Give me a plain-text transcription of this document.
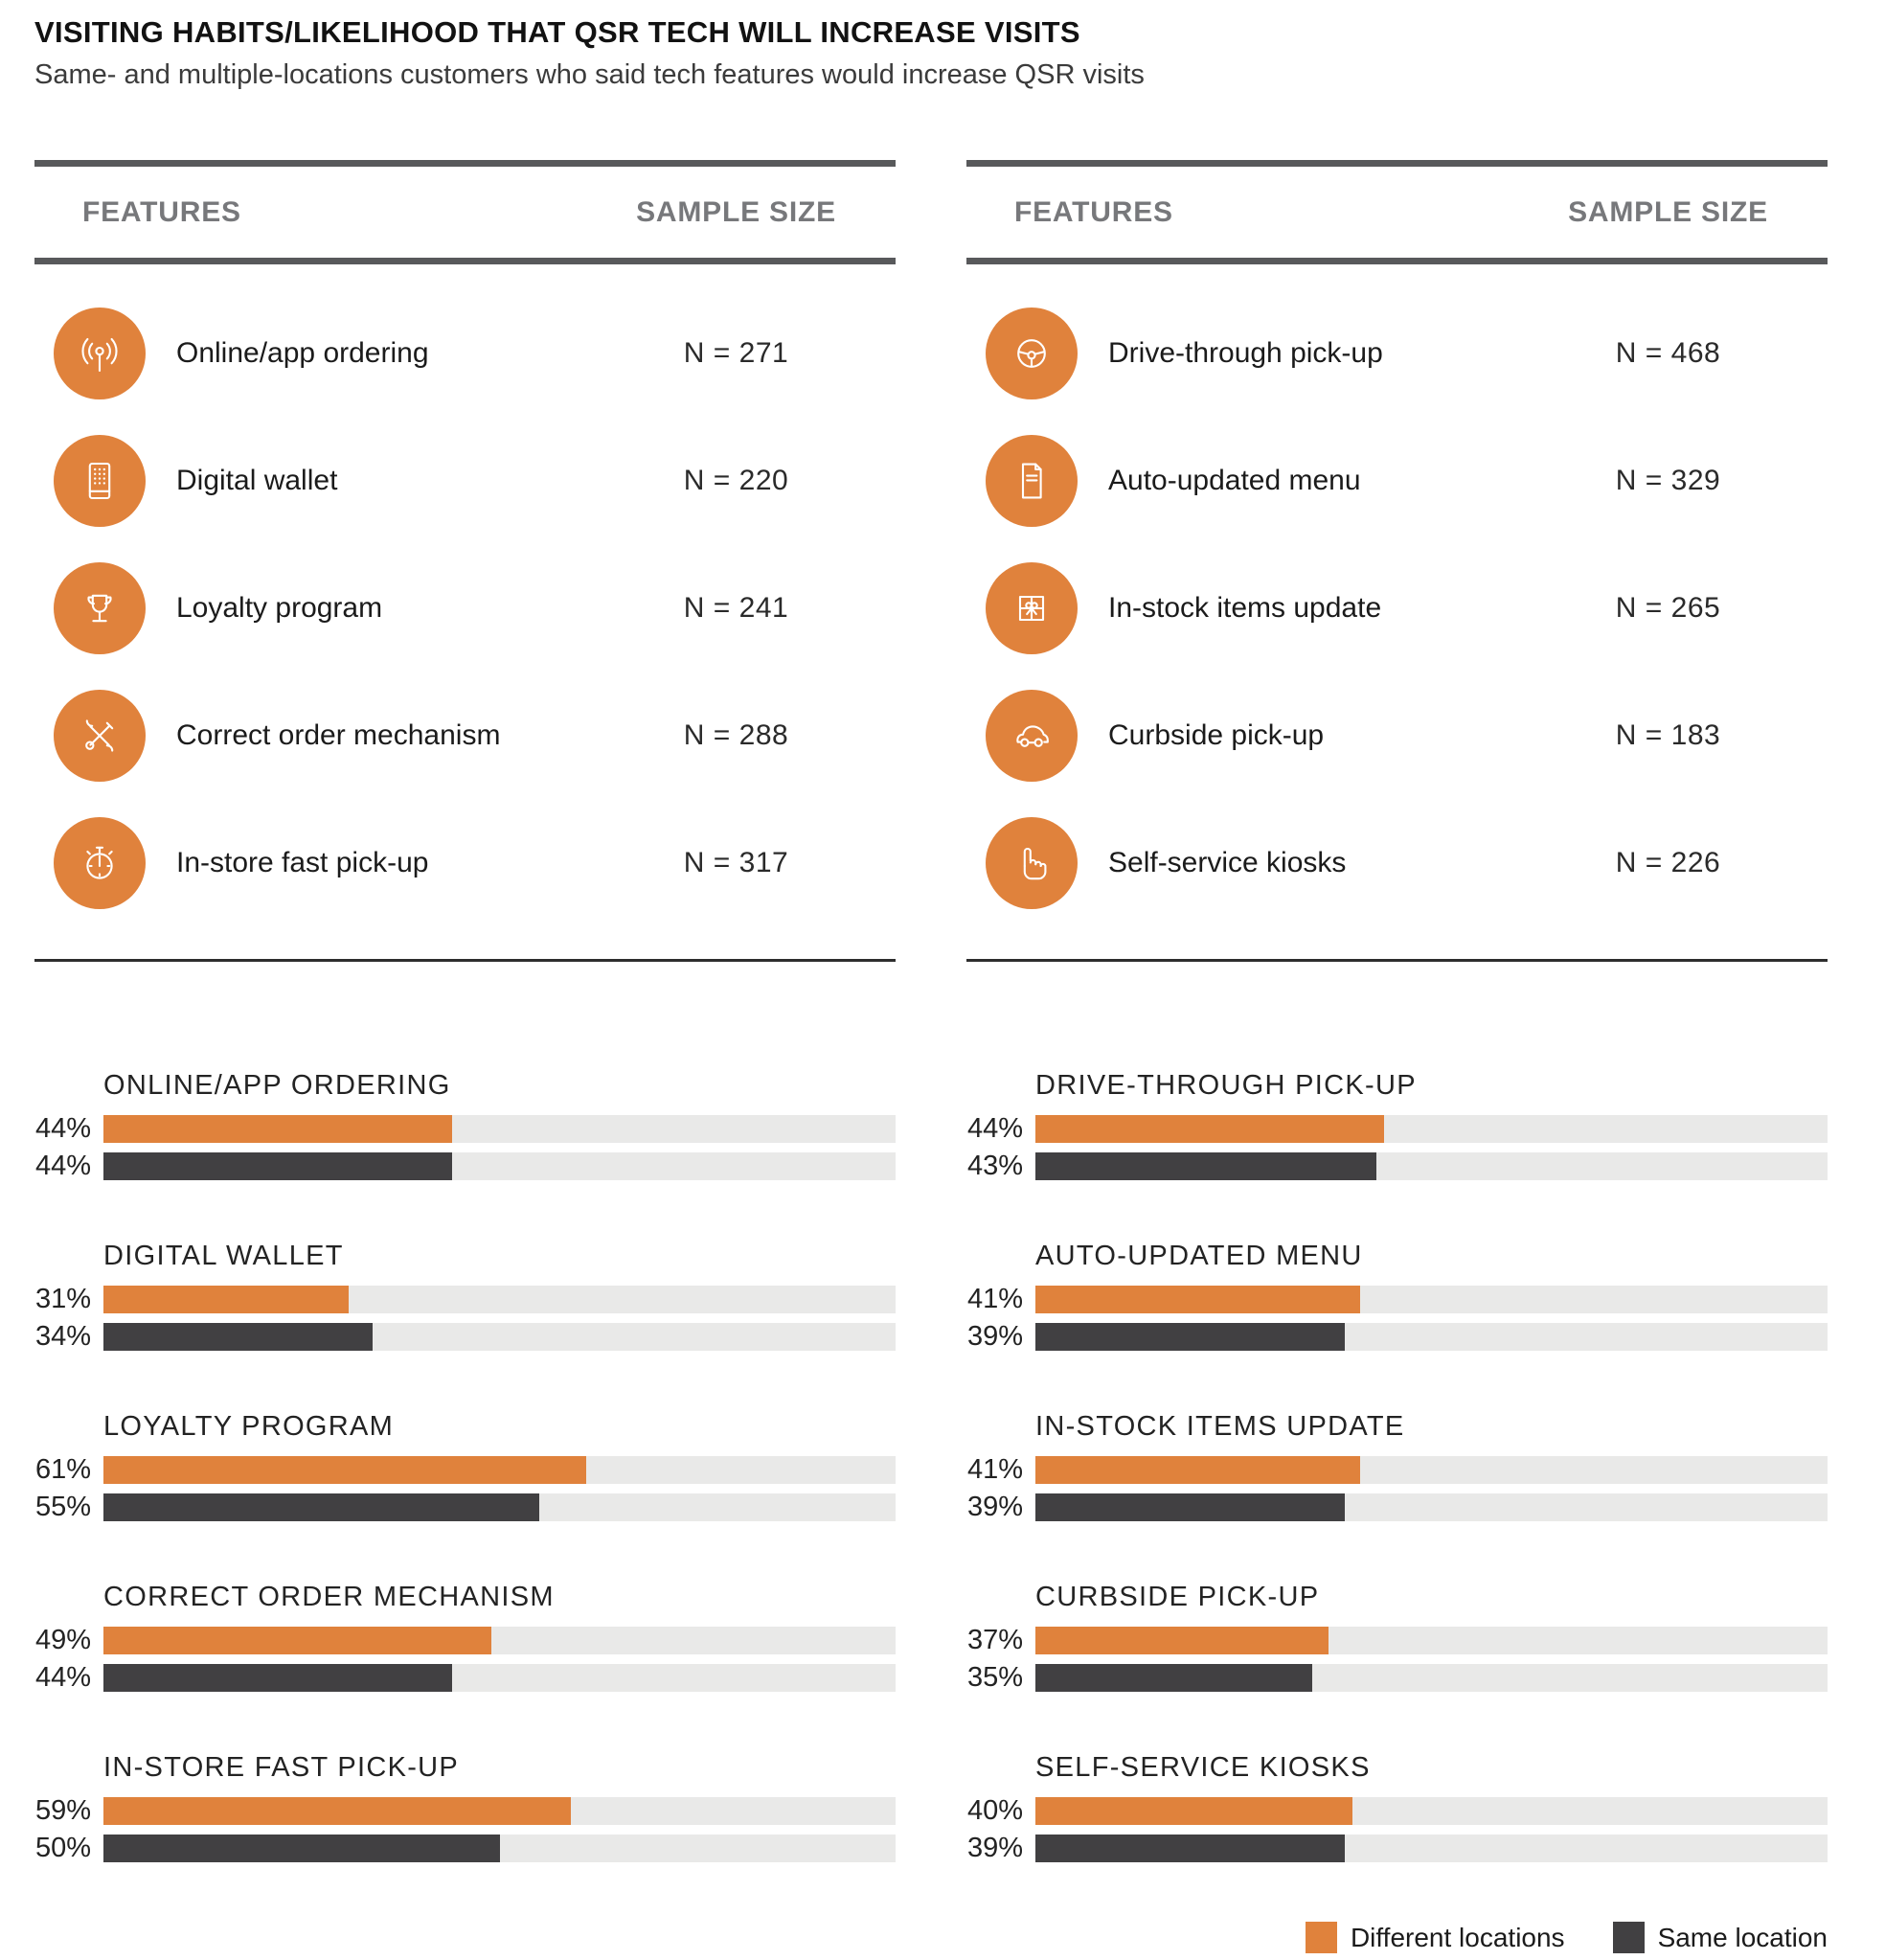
VISITING HABITS/LIKELIHOOD THAT QSR TECH WILL INCREASE VISITS
Same- and multiple-locations customers who said tech features would increase QSR visits
FEATURES	SAMPLE SIZE
Online/app ordering	N = 271
Digital wallet	N = 220
Loyalty program	N = 241
Correct order mechanism	N = 288
In-store fast pick-up	N = 317
FEATURES	SAMPLE SIZE
Drive-through pick-up	N = 468
Auto-updated menu	N = 329
In-stock items update	N = 265
Curbside pick-up	N = 183
Self-service kiosks	N = 226
ONLINE/APP ORDERING
44%
44%
DIGITAL WALLET
31%
34%
LOYALTY PROGRAM
61%
55%
CORRECT ORDER MECHANISM
49%
44%
IN-STORE FAST PICK-UP
59%
50%
DRIVE-THROUGH PICK-UP
44%
43%
AUTO-UPDATED MENU
41%
39%
IN-STOCK ITEMS UPDATE
41%
39%
CURBSIDE PICK-UP
37%
35%
SELF-SERVICE KIOSKS
40%
39%
Different locations	Same location
